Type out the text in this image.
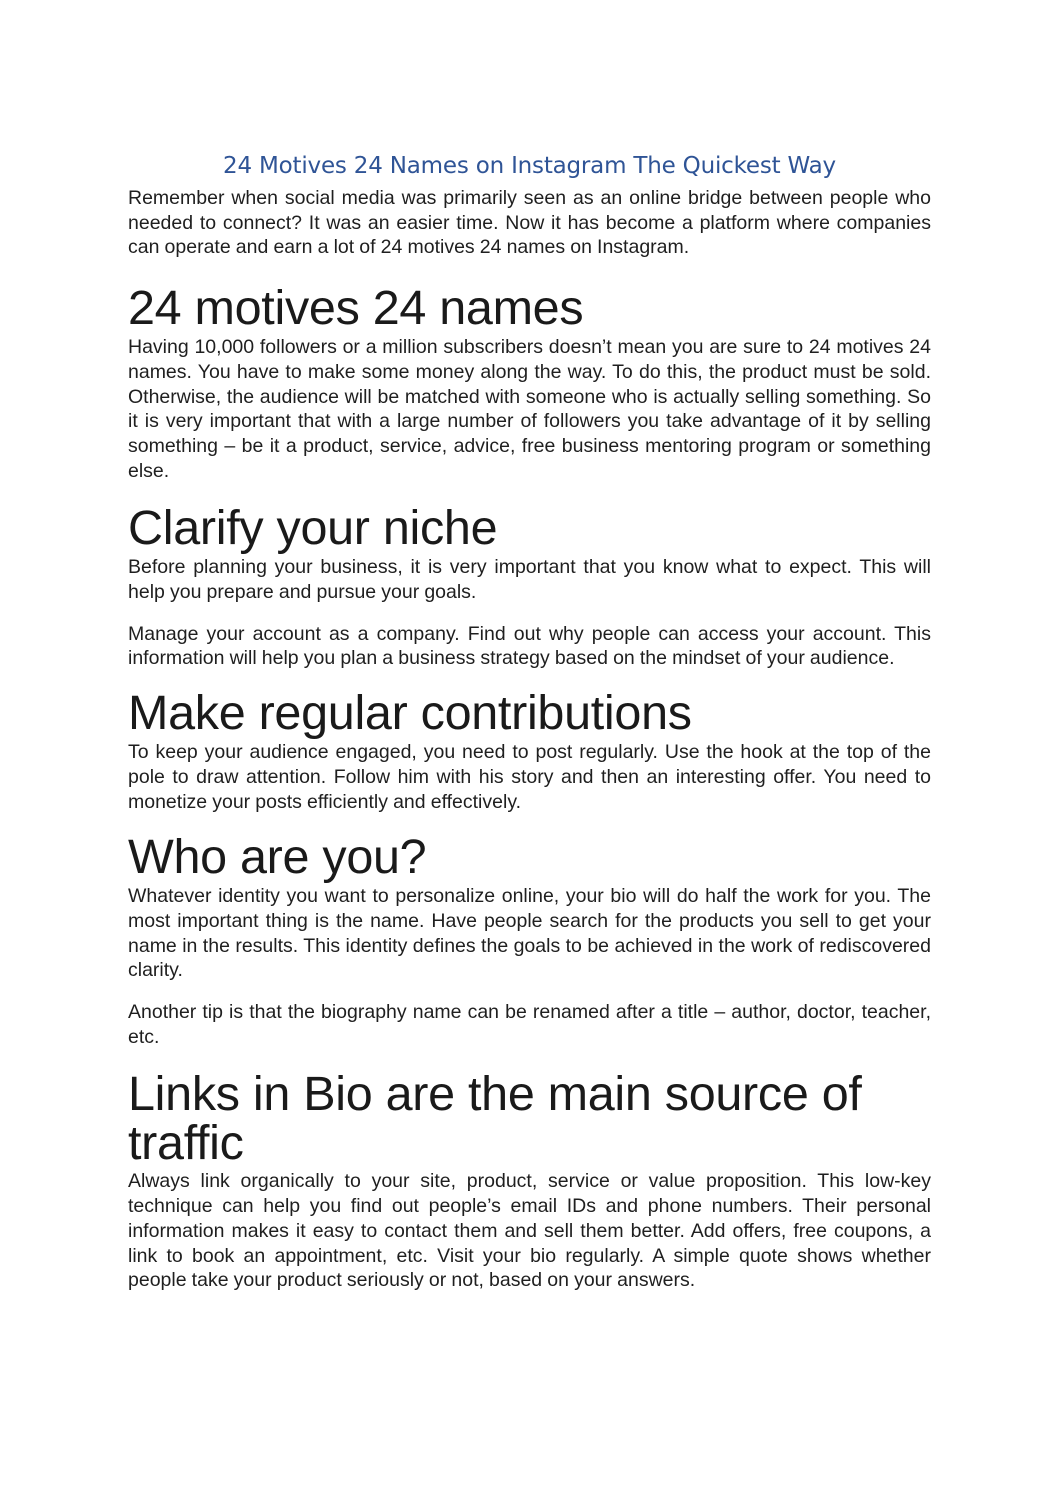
24 Motives 24 Names on Instagram The Quickest Way

Remember when social media was primarily seen as an online bridge between people who needed to connect? It was an easier time. Now it has become a platform where companies can operate and earn a lot of 24 motives 24 names on Instagram.

24 motives 24 names

Having 10,000 followers or a million subscribers doesn’t mean you are sure to 24 motives 24 names. You have to make some money along the way. To do this, the product must be sold. Otherwise, the audience will be matched with someone who is actually selling something. So it is very important that with a large number of followers you take advantage of it by selling something – be it a product, service, advice, free business mentoring program or something else.

Clarify your niche

Before planning your business, it is very important that you know what to expect. This will help you prepare and pursue your goals.

Manage your account as a company. Find out why people can access your account. This information will help you plan a business strategy based on the mindset of your audience.

Make regular contributions

To keep your audience engaged, you need to post regularly. Use the hook at the top of the pole to draw attention. Follow him with his story and then an interesting offer. You need to monetize your posts efficiently and effectively.

Who are you?

Whatever identity you want to personalize online, your bio will do half the work for you. The most important thing is the name. Have people search for the products you sell to get your name in the results. This identity defines the goals to be achieved in the work of rediscovered clarity.

Another tip is that the biography name can be renamed after a title – author, doctor, teacher, etc.

Links in Bio are the main source of traffic

Always link organically to your site, product, service or value proposition. This low-key technique can help you find out people’s email IDs and phone numbers. Their personal information makes it easy to contact them and sell them better. Add offers, free coupons, a link to book an appointment, etc. Visit your bio regularly. A simple quote shows whether people take your product seriously or not, based on your answers.
